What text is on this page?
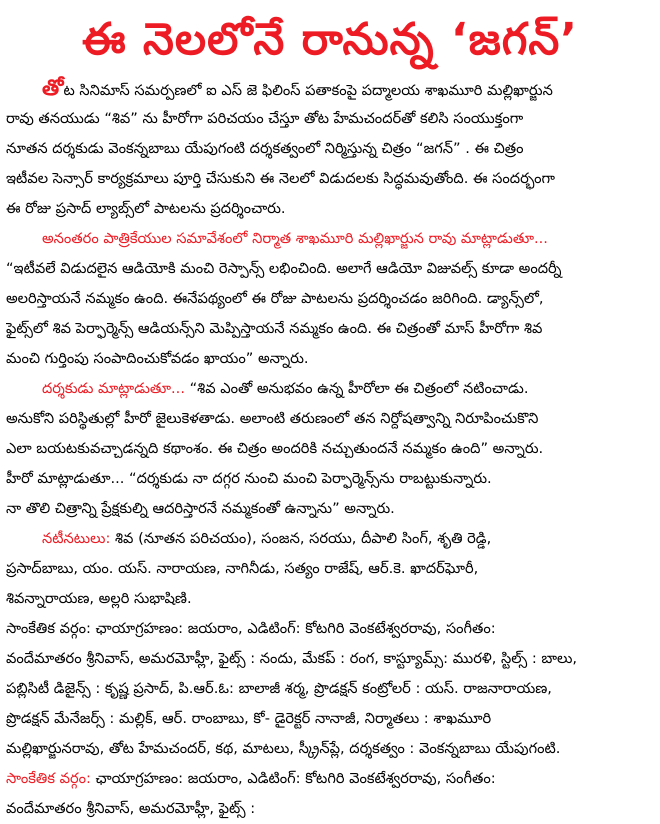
ఈ నెలలోనే రానున్న ‘జగన్’
తోట సినిమాస్ సమర్పణలో ఐ ఎస్ జె ఫిలింస్ పతాకంపై పద్మాలయ శాఖమూరి మల్లిఖార్జున
రావు తనయుడు “శివ” ను హీరోగా పరిచయం చేస్తూ తోట హేమచందర్‌తో కలిసి సంయుక్తంగా
నూతన దర్శకుడు వెంకన్నబాబు యేపుగంటి దర్శకత్వంలో నిర్మిస్తున్న చిత్రం “జగన్” . ఈ చిత్రం
ఇటీవల సెన్సార్ కార్యక్రమాలు పూర్తి చేసుకుని ఈ నెలలో విడుదలకు సిద్ధమవుతోంది. ఈ సందర్భంగా
ఈ రోజు ప్రసాద్ ల్యాబ్స్‌లో పాటలను ప్రదర్శించారు.
అనంతరం పాత్రికేయుల సమావేశంలో నిర్మాత శాఖమూరి మల్లిఖార్జున రావు మాట్లాడుతూ...
“ఇటీవలే విడుదలైన ఆడియోకి మంచి రెస్పాన్స్ లభించింది. అలాగే ఆడియో విజువల్స్ కూడా అందర్నీ
అలరిస్తాయనే నమ్మకం ఉంది. ఈనేపథ్యంలో ఈ రోజు పాటలను ప్రదర్శించడం జరిగింది. డ్యాన్స్‌లో,
ఫైట్స్‌లో శివ పెర్ఫార్మెన్స్ ఆడియన్స్‌ని మెప్పిస్తాయనే నమ్మకం ఉంది. ఈ చిత్రంతో మాస్ హీరోగా శివ
మంచి గుర్తింపు సంపాదించుకోవడం ఖాయం” అన్నారు.
దర్శకుడు మాట్లాడుతూ... “శివ ఎంతో అనుభవం ఉన్న హీరోలా ఈ చిత్రంలో నటించాడు.
అనుకోని పరిస్థితుల్లో హీరో జైలుకెళతాడు. అలాంటి తరుణంలో తన నిర్దోషత్వాన్ని నిరూపించుకొని
ఎలా బయటకువచ్చాడన్నది కథాంశం. ఈ చిత్రం అందరికి నచ్చుతుందనే నమ్మకం ఉంది” అన్నారు.
హీరో మాట్లాడుతూ... “దర్శకుడు నా దగ్గర నుంచి మంచి పెర్ఫార్మెన్స్‌ను రాబట్టుకున్నారు.
నా తొలి చిత్రాన్ని ప్రేక్షకుల్ని ఆదరిస్తారనే నమ్మకంతో ఉన్నాను” అన్నారు.
నటీనటులు: శివ (నూతన పరిచయం), సంజన, సరయు, దీపాలి సింగ్, శృతి రెడ్డి,
ప్రసాద్‌బాబు, యం. యస్. నారాయణ, నాగినీడు, సత్యం రాజేష్, ఆర్.కె. ఖాదర్‌ఘోరీ,
శివన్నారాయణ, అల్లరి సుభాషిణి.
సాంకేతిక వర్గం: ఛాయాగ్రహణం: జయరాం, ఎడిటింగ్: కోటగిరి వెంకటేశ్వరరావు, సంగీతం:
వందేమాతరం శ్రీనివాస్, అమరమోహ్లీ, ఫైట్స్ : నందు, మేకప్ : రంగ, కాస్ట్యూమ్స్: మురళి, స్టిల్స్ : బాలు,
పబ్లిసిటీ డిజైన్స్ : కృష్ణ ప్రసాద్, పి.ఆర్.ఓ: బాలాజీ శర్మ, ప్రొడక్షన్ కంట్రోలర్ : యస్. రాజనారాయణ,
ప్రొడక్షన్ మేనేజర్స్ : మల్లిక్, ఆర్. రాంబాబు, కో- డైరెక్టర్ నానాజీ, నిర్మాతలు : శాఖమూరి
మల్లిఖార్జునరావు, తోట హేమచందర్, కథ, మాటలు, స్క్రీన్‌ప్లే, దర్శకత్వం : వెంకన్నబాబు యేపుగంటి.
సాంకేతిక వర్గం: ఛాయాగ్రహణం: జయరాం, ఎడిటింగ్: కోటగిరి వెంకటేశ్వరరావు, సంగీతం:
వందేమాతరం శ్రీనివాస్, అమరమోహ్లీ, ఫైట్స్ :
